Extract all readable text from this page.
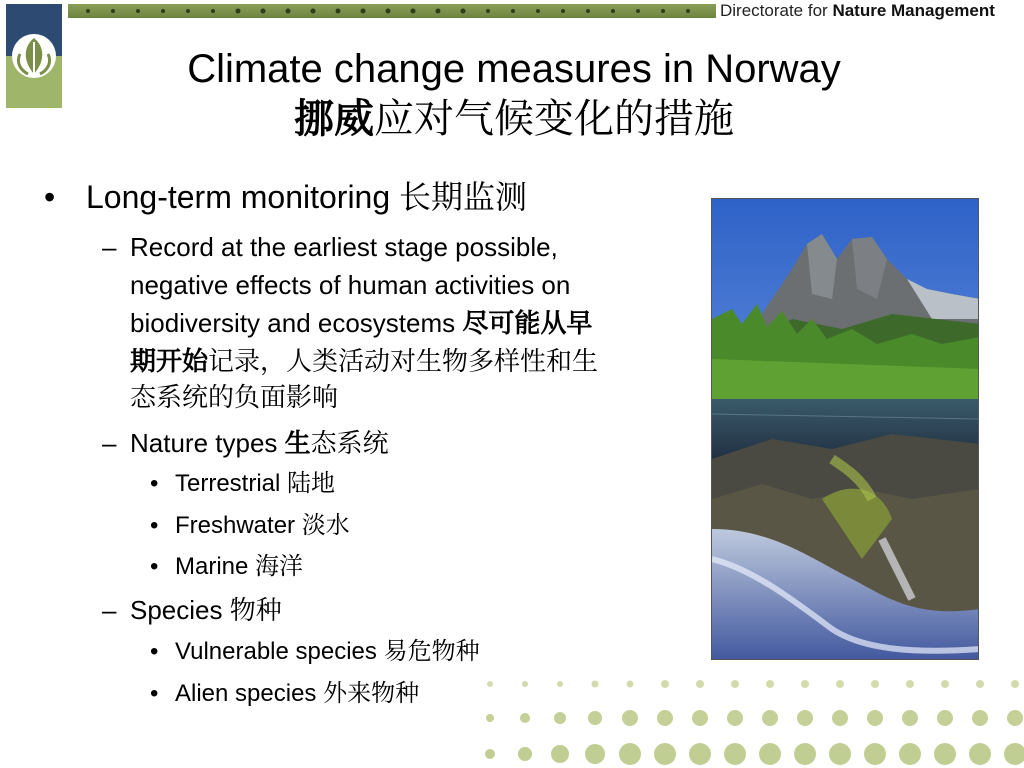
Directorate for Nature Management
Climate change measures in Norway
挪威应对气候变化的措施
• Long-term monitoring 长期监测
– Record at the earliest stage possible,
negative effects of human activities on
biodiversity and ecosystems 尽可能从早
期开始记录，人类活动对生物多样性和生
态系统的负面影响
– Nature types 生态系统
• Terrestrial 陆地
• Freshwater 淡水
• Marine 海洋
– Species 物种
• Vulnerable species 易危物种
• Alien species 外来物种
